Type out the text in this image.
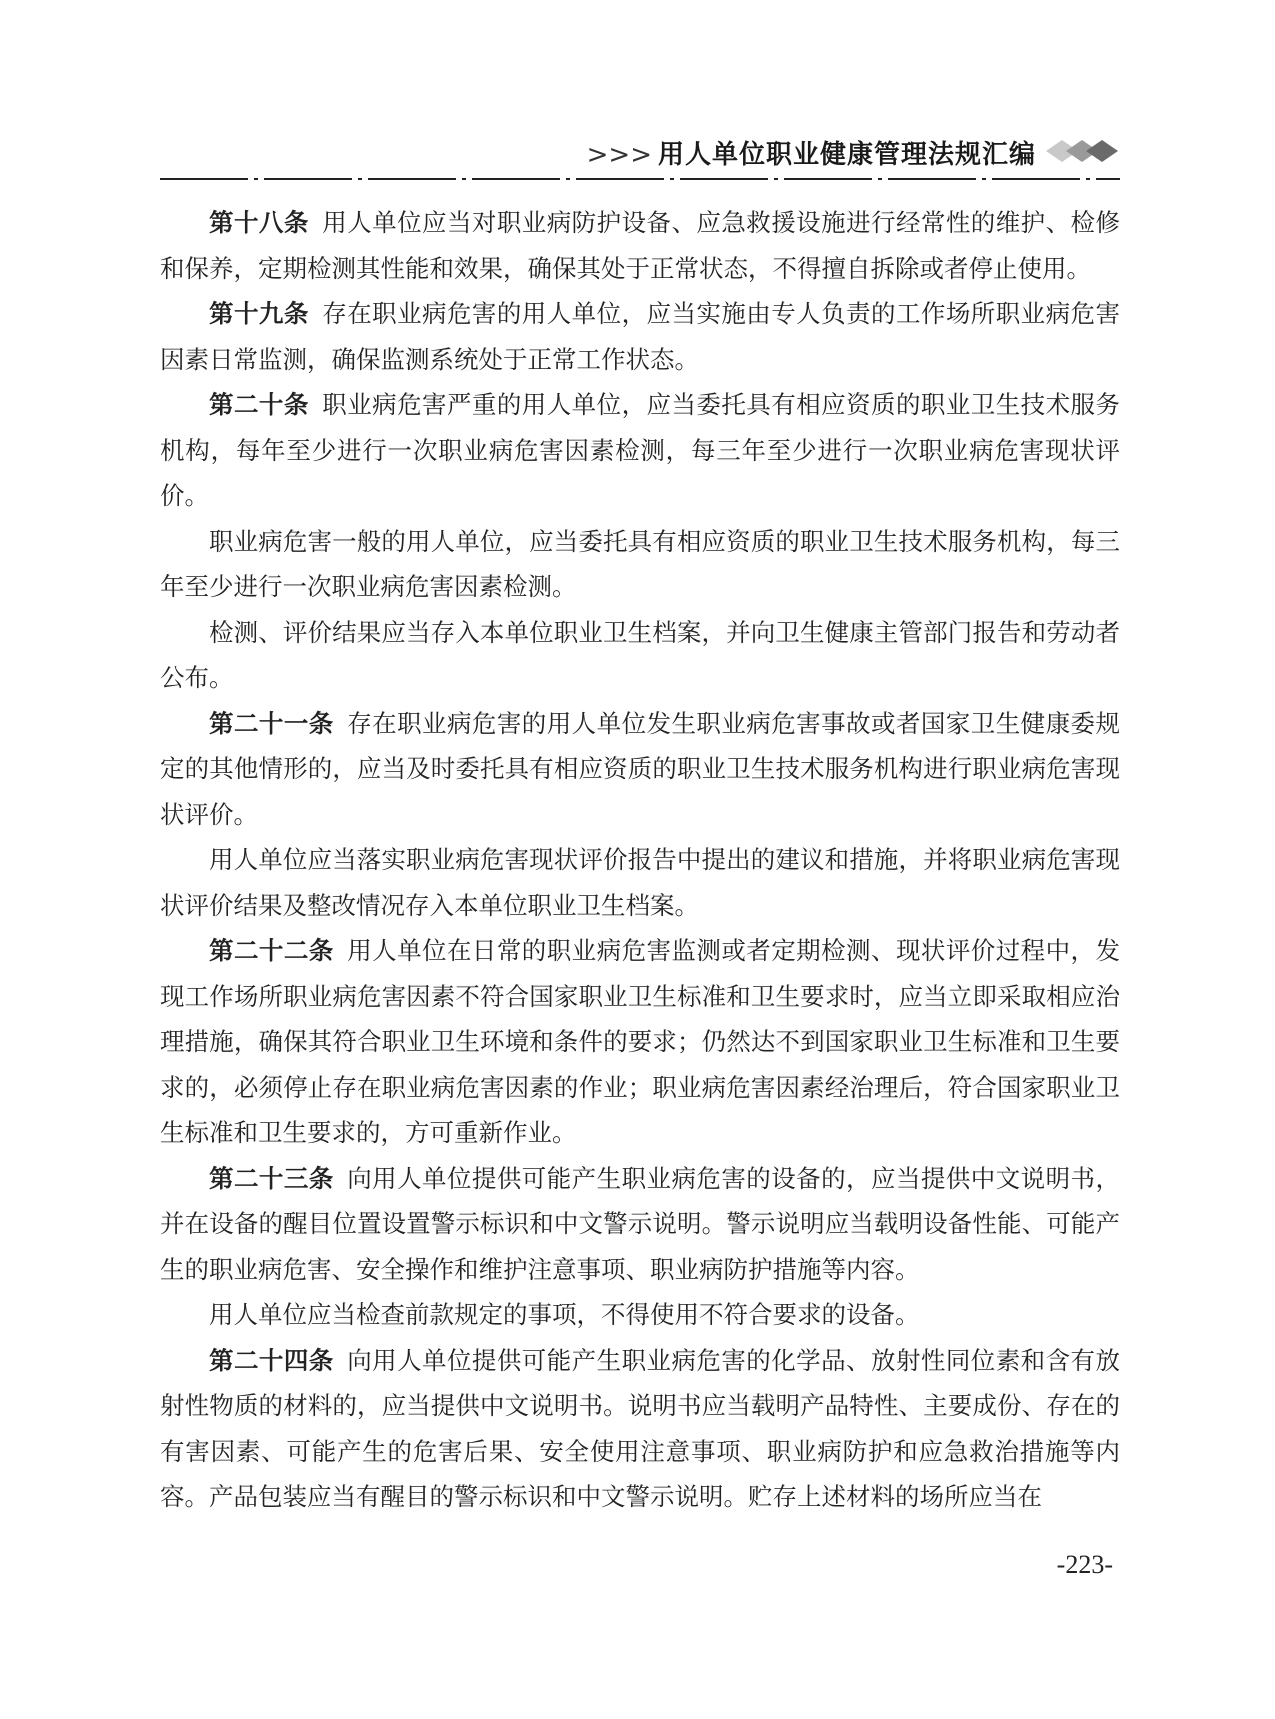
>>> 用人单位职业健康管理法规汇编

第十八条 用人单位应当对职业病防护设备、应急救援设施进行经常性的维护、检修和保养，定期检测其性能和效果，确保其处于正常状态，不得擅自拆除或者停止使用。

第十九条 存在职业病危害的用人单位，应当实施由专人负责的工作场所职业病危害因素日常监测，确保监测系统处于正常工作状态。

第二十条 职业病危害严重的用人单位，应当委托具有相应资质的职业卫生技术服务机构，每年至少进行一次职业病危害因素检测，每三年至少进行一次职业病危害现状评价。

职业病危害一般的用人单位，应当委托具有相应资质的职业卫生技术服务机构，每三年至少进行一次职业病危害因素检测。

检测、评价结果应当存入本单位职业卫生档案，并向卫生健康主管部门报告和劳动者公布。

第二十一条 存在职业病危害的用人单位发生职业病危害事故或者国家卫生健康委规定的其他情形的，应当及时委托具有相应资质的职业卫生技术服务机构进行职业病危害现状评价。

用人单位应当落实职业病危害现状评价报告中提出的建议和措施，并将职业病危害现状评价结果及整改情况存入本单位职业卫生档案。

第二十二条 用人单位在日常的职业病危害监测或者定期检测、现状评价过程中，发现工作场所职业病危害因素不符合国家职业卫生标准和卫生要求时，应当立即采取相应治理措施，确保其符合职业卫生环境和条件的要求；仍然达不到国家职业卫生标准和卫生要求的，必须停止存在职业病危害因素的作业；职业病危害因素经治理后，符合国家职业卫生标准和卫生要求的，方可重新作业。

第二十三条 向用人单位提供可能产生职业病危害的设备的，应当提供中文说明书，并在设备的醒目位置设置警示标识和中文警示说明。警示说明应当载明设备性能、可能产生的职业病危害、安全操作和维护注意事项、职业病防护措施等内容。

用人单位应当检查前款规定的事项，不得使用不符合要求的设备。

第二十四条 向用人单位提供可能产生职业病危害的化学品、放射性同位素和含有放射性物质的材料的，应当提供中文说明书。说明书应当载明产品特性、主要成份、存在的有害因素、可能产生的危害后果、安全使用注意事项、职业病防护和应急救治措施等内容。产品包装应当有醒目的警示标识和中文警示说明。贮存上述材料的场所应当在

-223-
